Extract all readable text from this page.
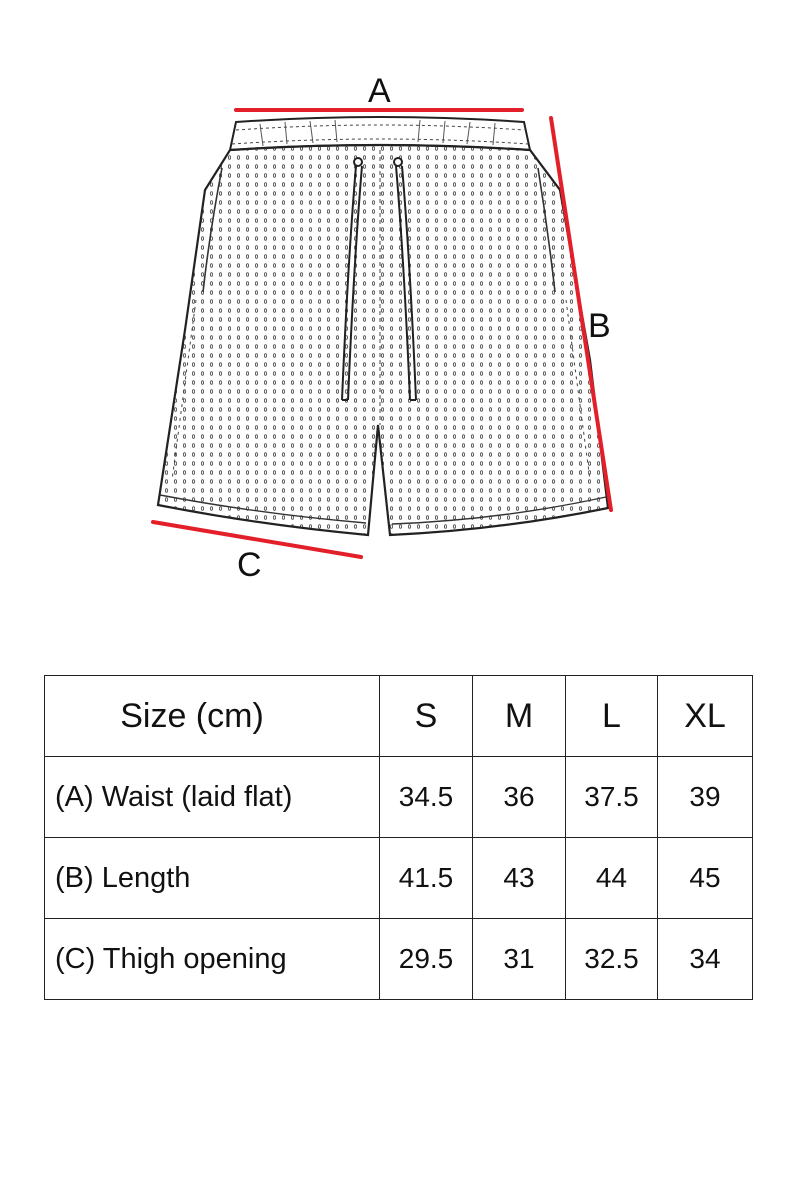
A
B
C
Size (cm)	S	M	L	XL
(A) Waist (laid flat)	34.5	36	37.5	39
(B) Length	41.5	43	44	45
(C) Thigh opening	29.5	31	32.5	34
